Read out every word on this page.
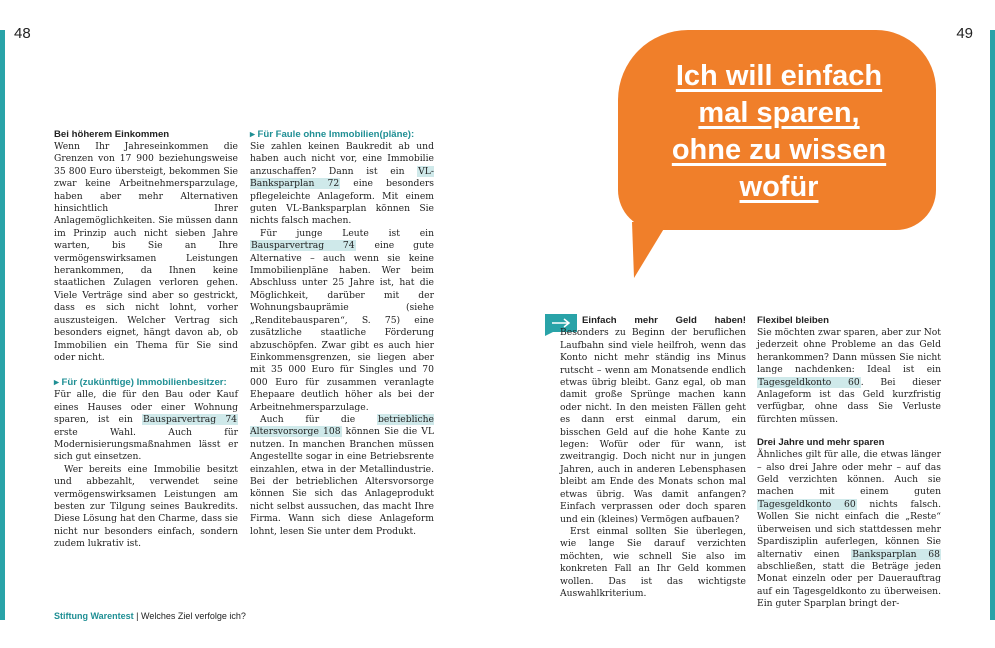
48	49
Bei höherem Einkommen

Wenn Ihr Jahreseinkommen die Grenzen von 17 900 beziehungsweise 35 800 Euro übersteigt, bekommen Sie zwar keine Arbeitnehmersparzulage, haben aber mehr Alternativen hinsichtlich Ihrer Anlagemöglichkeiten. Sie müssen dann im Prinzip auch nicht sieben Jahre warten, bis Sie an Ihre vermögenswirksamen Leistungen herankommen, da Ihnen keine staatlichen Zulagen verloren gehen. Viele Verträge sind aber so gestrickt, dass es sich nicht lohnt, vorher auszusteigen. Welcher Vertrag sich besonders eignet, hängt davon ab, ob Immobilien ein Thema für Sie sind oder nicht.

▸ Für (zukünftige) Immobilienbesitzer:

Für alle, die für den Bau oder Kauf eines Hauses oder einer Wohnung sparen, ist ein Bausparvertrag 74 erste Wahl. Auch für Modernisierungsmaßnahmen lässt er sich gut einsetzen.

Wer bereits eine Immobilie besitzt und abbezahlt, verwendet seine vermögenswirksamen Leistungen am besten zur Tilgung seines Baukredits. Diese Lösung hat den Charme, dass sie nicht nur besonders einfach, sondern zudem lukrativ ist.

▸ Für Faule ohne Immobilien(pläne):

Sie zahlen keinen Baukredit ab und haben auch nicht vor, eine Immobilie anzuschaffen? Dann ist ein VL-Banksparplan 72 eine besonders pflegeleichte Anlageform. Mit einem guten VL-Banksparplan können Sie nichts falsch machen.

Für junge Leute ist ein Bausparvertrag 74 eine gute Alternative – auch wenn sie keine Immobilienpläne haben. Wer beim Abschluss unter 25 Jahre ist, hat die Möglichkeit, darüber mit der Wohnungsbauprämie (siehe „Renditebausparen“, S. 75) eine zusätzliche staatliche Förderung abzuschöpfen. Zwar gibt es auch hier Einkommensgrenzen, sie liegen aber mit 35 000 Euro für Singles und 70 000 Euro für zusammen veranlagte Ehepaare deutlich höher als bei der Arbeitnehmersparzulage.

Auch für die betriebliche Altersvorsorge 108 können Sie die VL nutzen. In manchen Branchen müssen Angestellte sogar in eine Betriebsrente einzahlen, etwa in der Metallindustrie. Bei der betrieblichen Altersvorsorge können Sie sich das Anlageprodukt nicht selbst aussuchen, das macht Ihre Firma. Wann sich diese Anlageform lohnt, lesen Sie unter dem Produkt.

Ich will einfach
mal sparen,
ohne zu wissen
wofür

Einfach mehr Geld haben! Besonders zu Beginn der beruflichen Laufbahn sind viele heilfroh, wenn das Konto nicht mehr ständig ins Minus rutscht – wenn am Monatsende endlich etwas übrig bleibt. Ganz egal, ob man damit große Sprünge machen kann oder nicht. In den meisten Fällen geht es dann erst einmal darum, ein bisschen Geld auf die hohe Kante zu legen: Wofür oder für wann, ist zweitrangig. Doch nicht nur in jungen Jahren, auch in anderen Lebensphasen bleibt am Ende des Monats schon mal etwas übrig. Was damit anfangen? Einfach verprassen oder doch sparen und ein (kleines) Vermögen aufbauen?

Erst einmal sollten Sie überlegen, wie lange Sie darauf verzichten möchten, wie schnell Sie also im konkreten Fall an Ihr Geld kommen wollen. Das ist das wichtigste Auswahlkriterium.

Flexibel bleiben

Sie möchten zwar sparen, aber zur Not jederzeit ohne Probleme an das Geld herankommen? Dann müssen Sie nicht lange nachdenken: Ideal ist ein Tagesgeldkonto 60. Bei dieser Anlageform ist das Geld kurzfristig verfügbar, ohne dass Sie Verluste fürchten müssen.

Drei Jahre und mehr sparen

Ähnliches gilt für alle, die etwas länger – also drei Jahre oder mehr – auf das Geld verzichten können. Auch sie machen mit einem guten Tagesgeldkonto 60 nichts falsch. Wollen Sie nicht einfach die „Reste“ überweisen und sich stattdessen mehr Spardisziplin auferlegen, können Sie alternativ einen Banksparplan 68 abschließen, statt die Beträge jeden Monat einzeln oder per Dauerauftrag auf ein Tagesgeldkonto zu überweisen. Ein guter Sparplan bringt der-

Stiftung Warentest | Welches Ziel verfolge ich?
